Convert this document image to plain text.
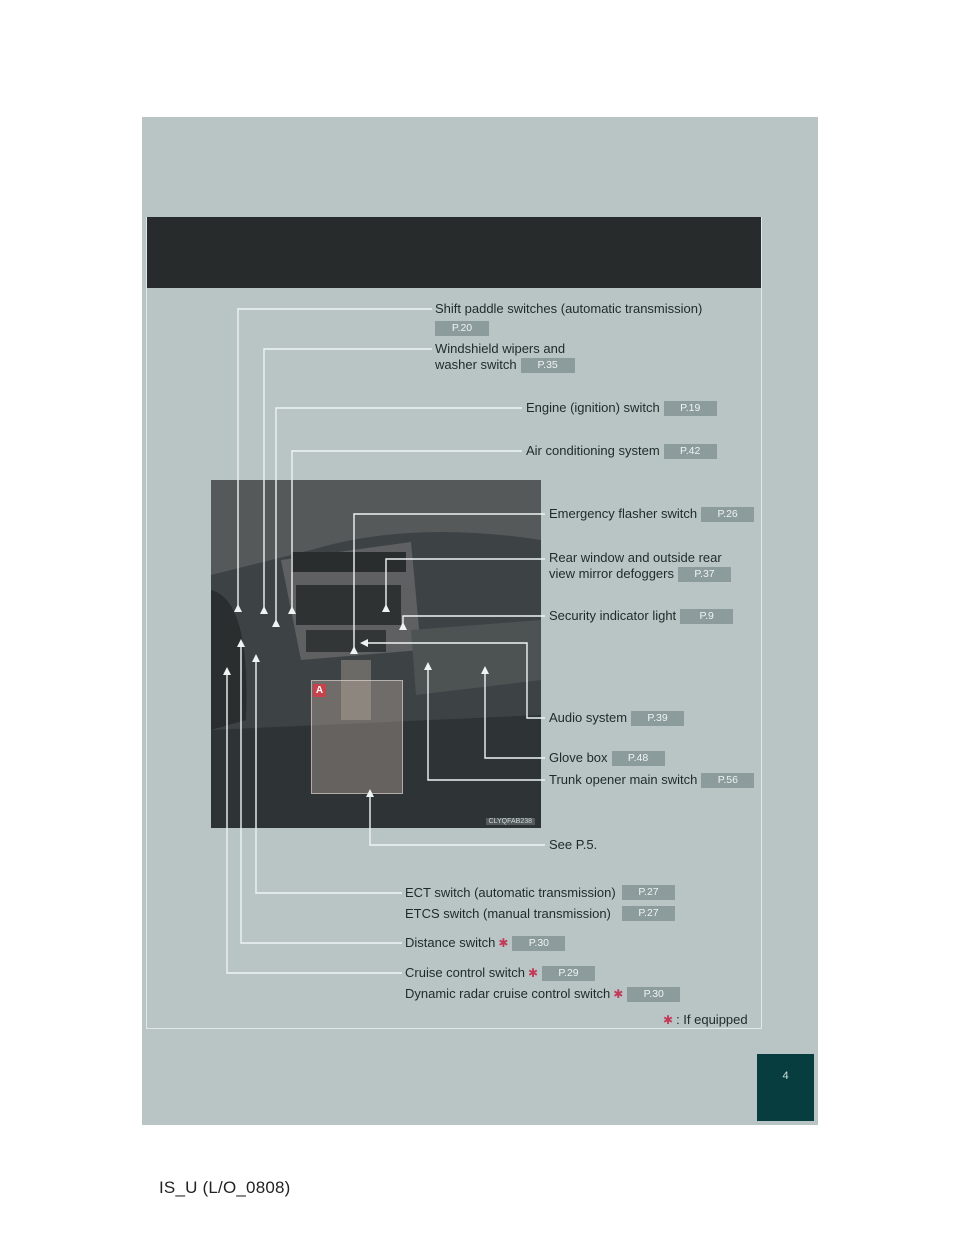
CLYQFAB238
A
Shift paddle switches (automatic transmission)
P.20
Windshield wipers and
washer switch P.35
Engine (ignition) switch P.19
Air conditioning system P.42
Emergency flasher switch P.26
Rear window and outside rear
view mirror defoggers P.37
Security indicator light P.9
Audio system P.39
Glove box P.48
Trunk opener main switch P.56
See P.5.
ECT switch (automatic transmission)	P.27
ETCS switch (manual transmission)	P.27
Distance switch ✱ P.30
Cruise control switch ✱ P.29
Dynamic radar cruise control switch ✱ P.30
✱ : If equipped
4
IS_U (L/O_0808)
